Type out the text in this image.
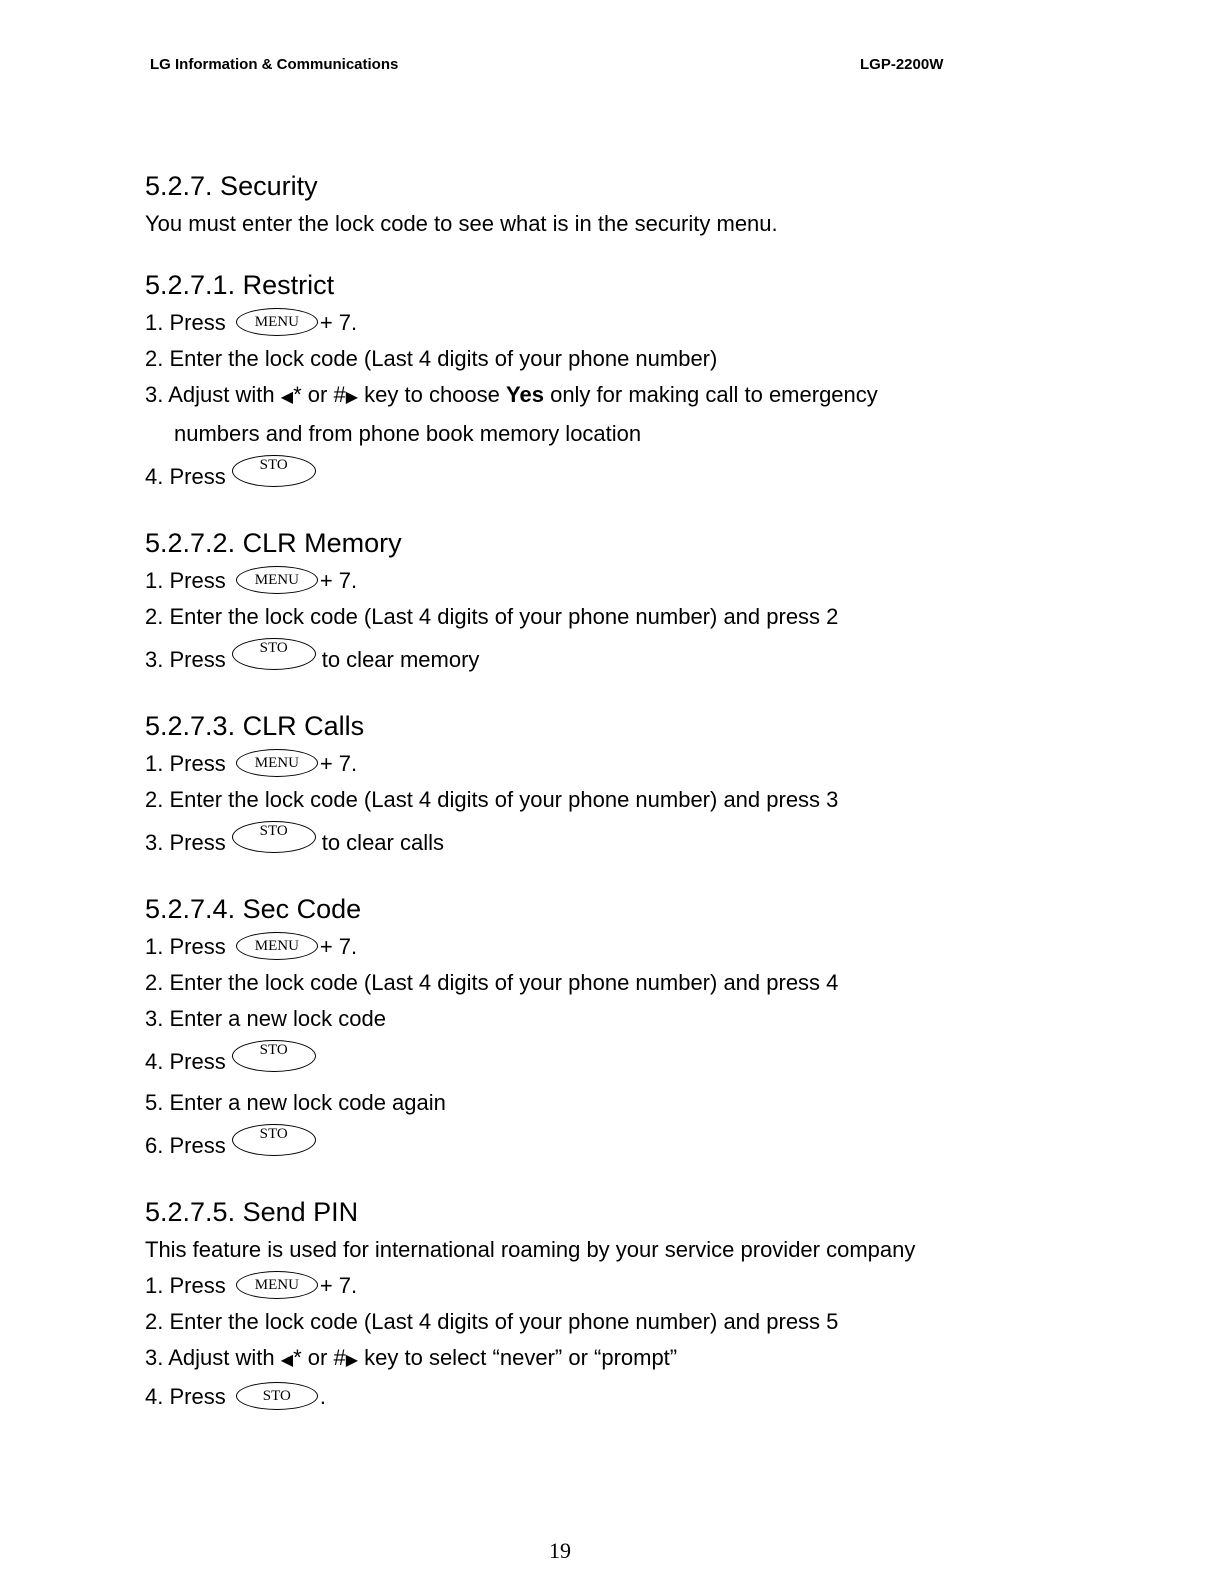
LG Information & Communications	LGP-2200W
5.2.7. Security
You must enter the lock code to see what is in the security menu.
5.2.7.1. Restrict
1. Press MENU + 7.
2. Enter the lock code (Last 4 digits of your phone number)
3. Adjust with ◀* or #▶ key to choose Yes only for making call to emergency
numbers and from phone book memory location
4. Press STO
5.2.7.2. CLR Memory
1. Press MENU + 7.
2. Enter the lock code (Last 4 digits of your phone number) and press 2
3. Press STO to clear memory
5.2.7.3. CLR Calls
1. Press MENU + 7.
2. Enter the lock code (Last 4 digits of your phone number) and press 3
3. Press STO to clear calls
5.2.7.4. Sec Code
1. Press MENU + 7.
2. Enter the lock code (Last 4 digits of your phone number) and press 4
3. Enter a new lock code
4. Press STO
5. Enter a new lock code again
6. Press STO
5.2.7.5. Send PIN
This feature is used for international roaming by your service provider company
1. Press MENU + 7.
2. Enter the lock code (Last 4 digits of your phone number) and press 5
3. Adjust with ◀* or #▶ key to select “never” or “prompt”
4. Press STO .
19
